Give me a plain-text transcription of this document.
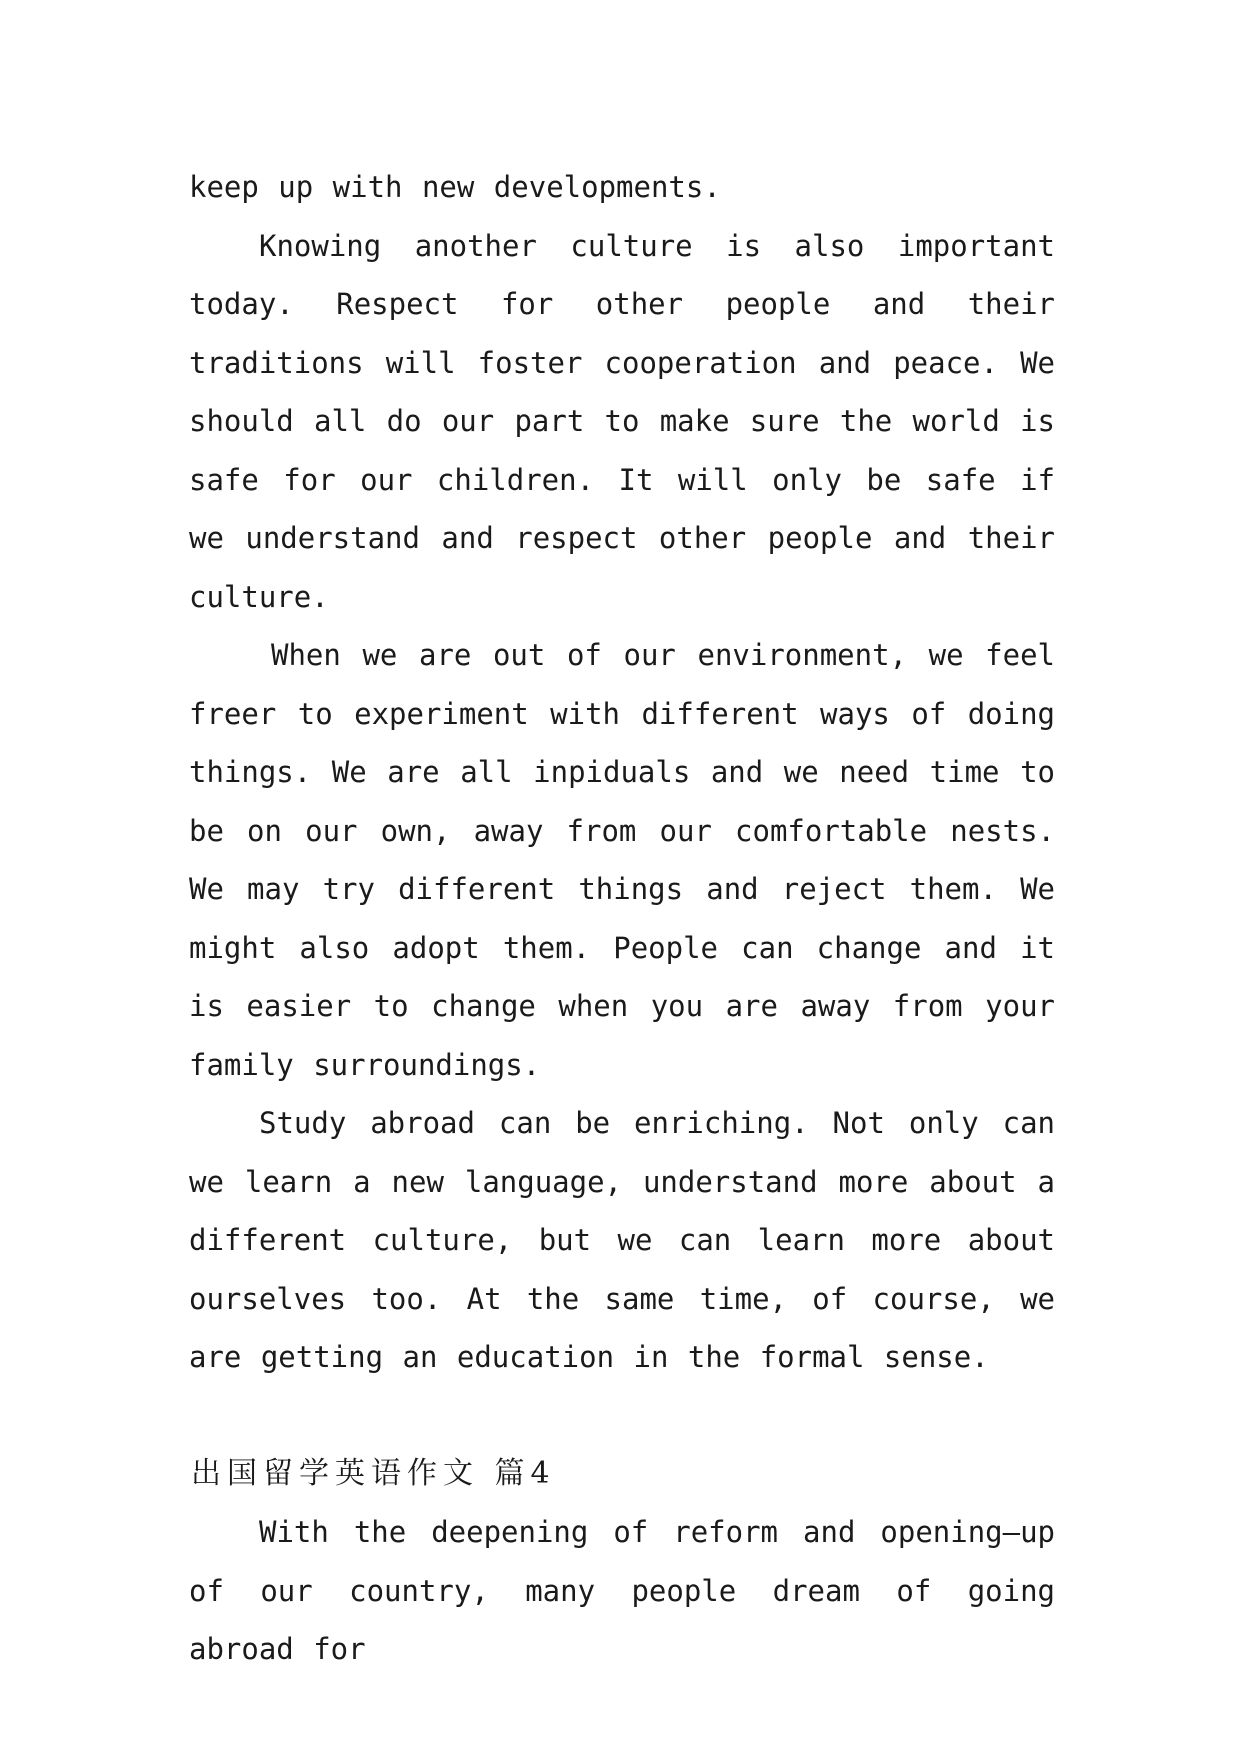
keep up with new developments.

Knowing another culture is also important today. Respect for other people and their traditions will foster cooperation and peace. We should all do our part to make sure the world is safe for our children. It will only be safe if we understand and respect other people and their culture.

When we are out of our environment, we feel freer to experiment with different ways of doing things. We are all inpiduals and we need time to be on our own, away from our comfortable nests. We may try different things and reject them. We might also adopt them. People can change and it is easier to change when you are away from your family surroundings.

Study abroad can be enriching. Not only can we learn a new language, understand more about a different culture, but we can learn more about ourselves too. At the same time, of course, we are getting an education in the formal sense.

出国留学英语作文 篇4

With the deepening of reform and opening—up of our country, many people dream of going abroad for
